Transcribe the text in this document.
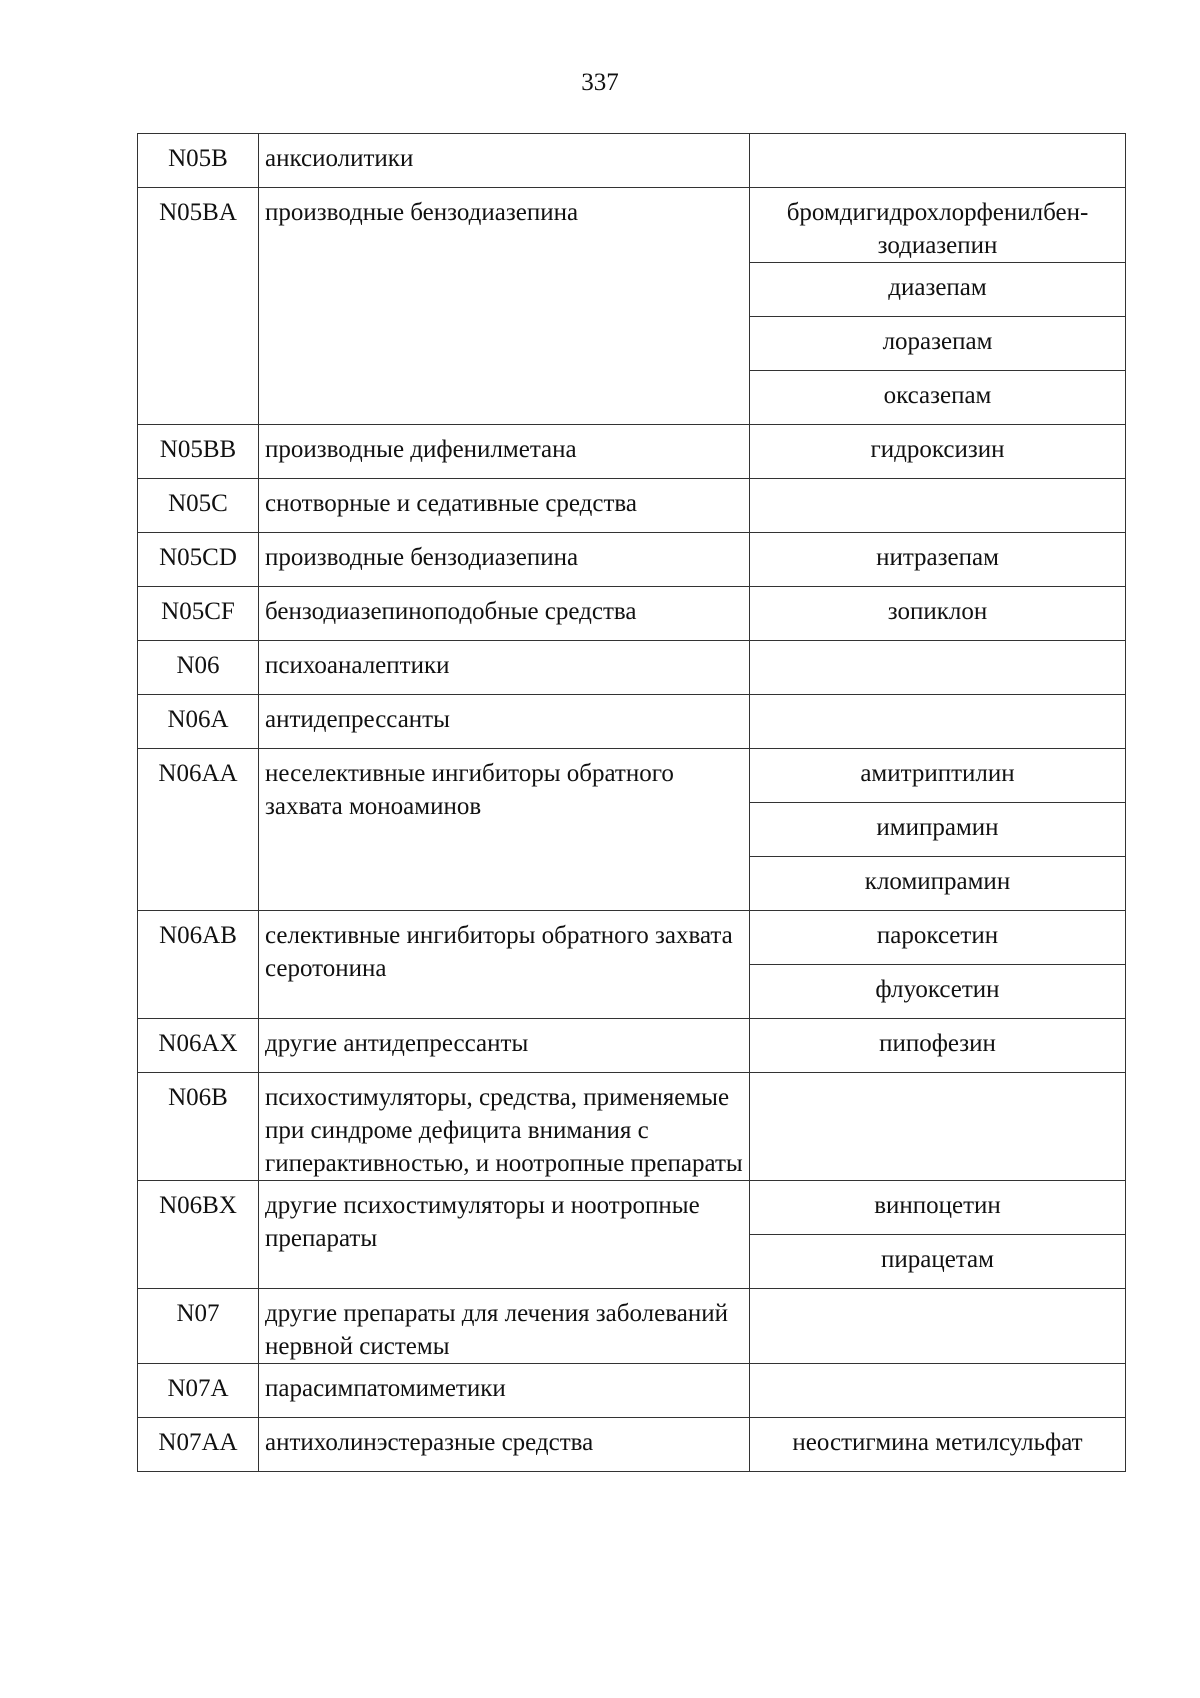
337
N05B	анксиолитики	
N05BA	производные бензодиазепина	бромдигидрохлорфенилбен-зодиазепин
		диазепам
		лоразепам
		оксазепам
N05BB	производные дифенилметана	гидроксизин
N05C	снотворные и седативные средства	
N05CD	производные бензодиазепина	нитразепам
N05CF	бензодиазепиноподобные средства	зопиклон
N06	психоаналептики	
N06A	антидепрессанты	
N06AA	неселективные ингибиторы обратного захвата моноаминов	амитриптилин
		имипрамин
		кломипрамин
N06AB	селективные ингибиторы обратного захвата серотонина	пароксетин
		флуоксетин
N06AX	другие антидепрессанты	пипофезин
N06B	психостимуляторы, средства, применяемые при синдроме дефицита внимания с гиперактивностью, и ноотропные препараты	
N06BX	другие психостимуляторы и ноотропные препараты	винпоцетин
		пирацетам
N07	другие препараты для лечения заболеваний нервной системы	
N07A	парасимпатомиметики	
N07AA	антихолинэстеразные средства	неостигмина метилсульфат
